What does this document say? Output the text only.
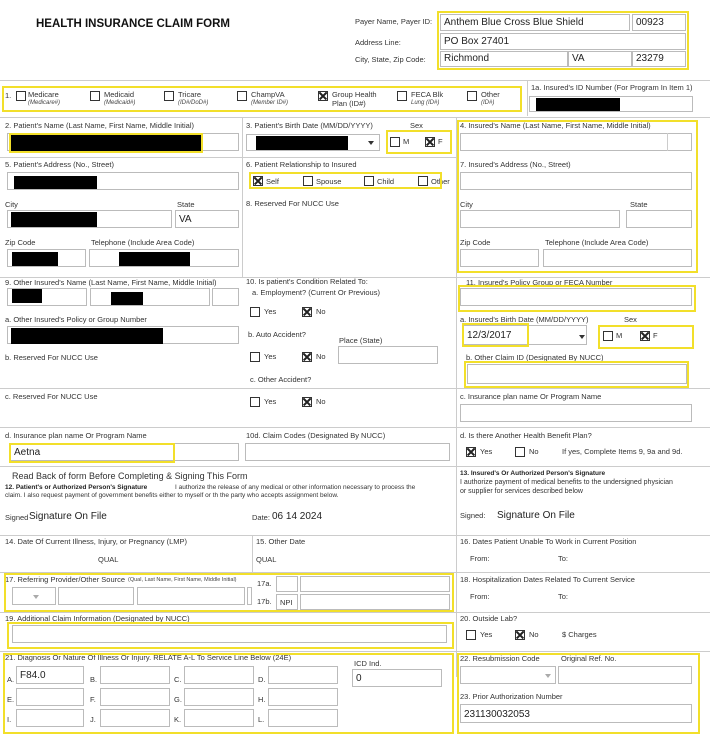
HEALTH INSURANCE CLAIM FORM	Payer Name, Payer ID:
Address Line:
City, State, Zip Code:
Anthem Blue Cross Blue Shield	00923
PO Box 27401
Richmond	VA	23279
1. Medicare
(Medicare#)
Medicaid
(Medicaid#)
Tricare
(ID#/DoD#)
ChampVA
(Member ID#)
Group Health
Plan (ID#)
FECA Blk
Lung (ID#)
Other
(ID#)
1a. Insured's ID Number (For Program In Item 1)
2. Patient's Name (Last Name, First Name, Middle Initial)	3. Patient's Birth Date (MM/DD/YYYY)	Sex
M	F
4. Insured's Name (Last Name, First Name, Middle Initial)
5. Patient's Address (No., Street)
City	State
VA
Zip Code	Telephone (Include Area Code)
6. Patient Relationship to Insured
Self	Spouse	Child	Other
8. Reserved For NUCC Use
7. Insured's Address (No., Street)
City	State
Zip Code	Telephone (Include Area Code)
9. Other Insured's Name (Last Name, First Name, Middle Initial)
a. Other Insured's Policy or Group Number
b. Reserved For NUCC Use
c. Reserved For NUCC Use
d. Insurance plan name Or Program Name
Aetna
10. Is patient's Condition Related To:
a. Employment? (Current Or Previous)
Yes	No
b. Auto Accident?
Place (State)
Yes	No
c. Other Accident?
Yes	No
10d. Claim Codes (Designated By NUCC)
11. Insured's Policy Group or FECA Number
a. Insured's Birth Date (MM/DD/YYYY)
12/3/2017
Sex
M	F
b. Other Claim ID (Designated By NUCC)
c. Insurance plan name Or Program Name
d. Is there Another Health Benefit Plan?
Yes	No	If yes, Complete Items 9, 9a and 9d.
Read Back of form Before Completing & Signing This Form
12. Patient's or Authorized Person's Signature	I authorize the release of any medical or other information necessary to process the
claim. I also request payment of government benefits either to myself or th the party who accepts assignment below.
Signed Signature On File	Date: 06 14 2024
13. Insured's Or Authorized Person's Signature
I authorize payment of medical benefits to the undersigned physician
or supplier for services described below
Signed: Signature On File
14. Date Of Current Illness, Injury, or Pregnancy (LMP)
QUAL
15. Other Date
QUAL
16. Dates Patient Unable To Work in Current Position
From:	To:
17. Referring Provider/Other Source (Qual, Last Name, First Name, Middle Initial)	17a.
17b. NPI
18. Hospitalization Dates Related To Current Service
From:	To:
19. Additional Claim Information (Designated by NUCC)	20. Outside Lab?
Yes	No	$ Charges
21. Diagnosis Or Nature Of Illness Or Injury. RELATE A-L To Service Line Below (24E)
ICD Ind.
0
A. F84.0	B.	C.	D.
E.	F.	G.	H.
I.	J.	K.	L.
22. Resubmission Code	Original Ref. No.
23. Prior Authorization Number
231130032053
